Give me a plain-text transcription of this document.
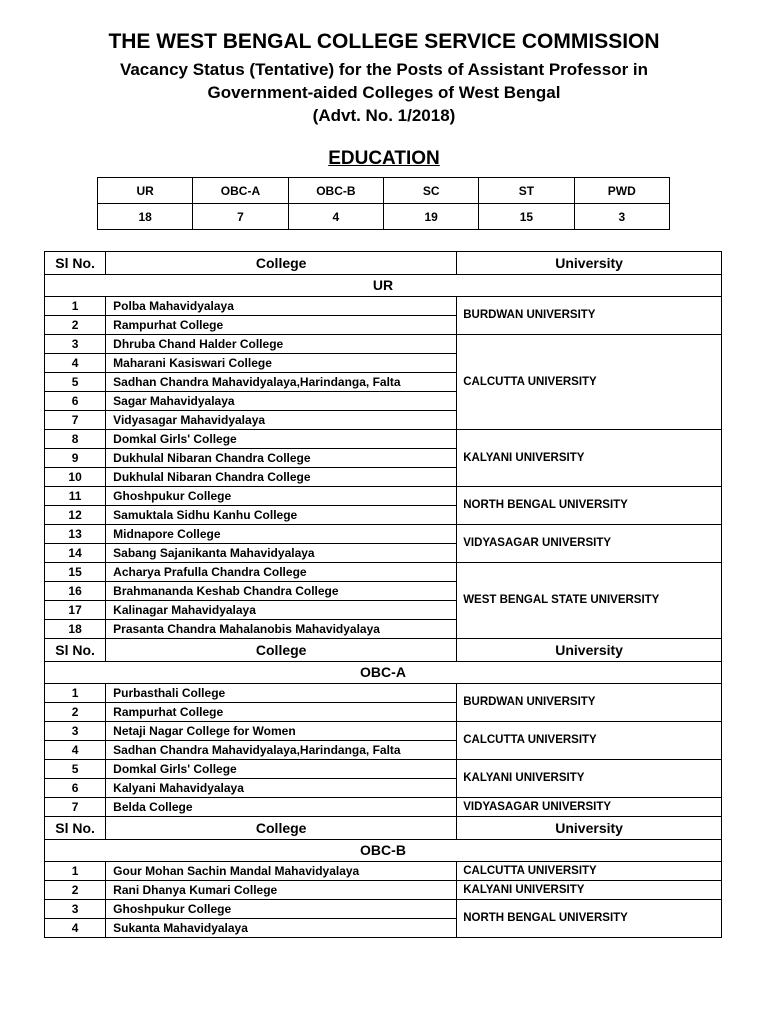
THE WEST BENGAL COLLEGE SERVICE COMMISSION
Vacancy Status (Tentative) for the Posts of Assistant Professor in
Government-aided Colleges of West Bengal
(Advt. No. 1/2018)
EDUCATION
UR	OBC-A	OBC-B	SC	ST	PWD
18	7	4	19	15	3
Sl No.	College	University
UR		
1	Polba Mahavidyalaya	BURDWAN UNIVERSITY
2	Rampurhat College	
3	Dhruba Chand Halder College	CALCUTTA UNIVERSITY
4	Maharani Kasiswari College	
5	Sadhan Chandra Mahavidyalaya,Harindanga, Falta	
6	Sagar Mahavidyalaya	
7	Vidyasagar Mahavidyalaya	
8	Domkal Girls' College	KALYANI UNIVERSITY
9	Dukhulal Nibaran Chandra College	
10	Dukhulal Nibaran Chandra College	
11	Ghoshpukur College	NORTH BENGAL UNIVERSITY
12	Samuktala Sidhu Kanhu College	
13	Midnapore College	VIDYASAGAR UNIVERSITY
14	Sabang Sajanikanta Mahavidyalaya	
15	Acharya Prafulla Chandra College	WEST BENGAL STATE UNIVERSITY
16	Brahmananda Keshab Chandra College	
17	Kalinagar Mahavidyalaya	
18	Prasanta Chandra Mahalanobis Mahavidyalaya	
Sl No.	College	University
OBC-A		
1	Purbasthali College	BURDWAN UNIVERSITY
2	Rampurhat College	
3	Netaji Nagar College for Women	CALCUTTA UNIVERSITY
4	Sadhan Chandra Mahavidyalaya,Harindanga, Falta	
5	Domkal Girls' College	KALYANI UNIVERSITY
6	Kalyani Mahavidyalaya	
7	Belda College	VIDYASAGAR UNIVERSITY
Sl No.	College	University
OBC-B		
1	Gour Mohan Sachin Mandal Mahavidyalaya	CALCUTTA UNIVERSITY
2	Rani Dhanya Kumari College	KALYANI UNIVERSITY
3	Ghoshpukur College	NORTH BENGAL UNIVERSITY
4	Sukanta Mahavidyalaya	
